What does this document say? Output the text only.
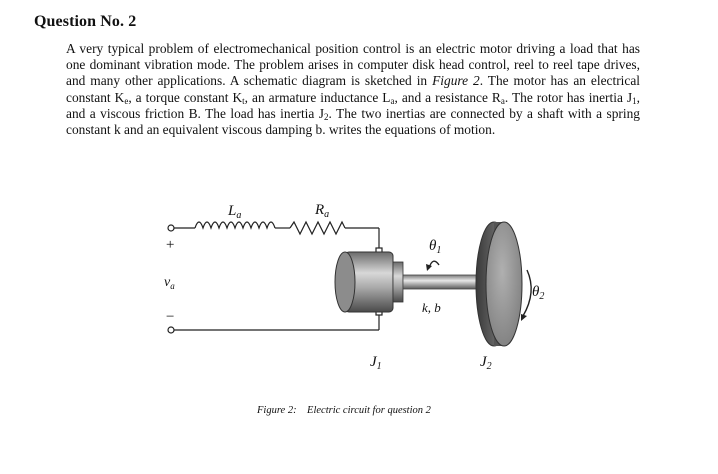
Question No. 2

A very typical problem of electromechanical position control is an electric motor driving a load that has one dominant vibration mode. The problem arises in computer disk head control, reel to reel tape drives, and many other applications. A schematic diagram is sketched in Figure 2. The motor has an electrical constant $K_e$, a torque constant $K_t$, an armature inductance $L_a$, and a resistance $R_a$. The rotor has inertia $J_1$, and a viscous friction B. The load has inertia $J_2$. The two inertias are connected by a shaft with a spring constant k and an equivalent viscous damping b. writes the equations of motion.

$L_a$	$R_a$
$\theta_1$
$v_a$
+
−
k, b
$\theta_2$
$J_1$	$J_2$
Figure 2:    Electric circuit for question 2
